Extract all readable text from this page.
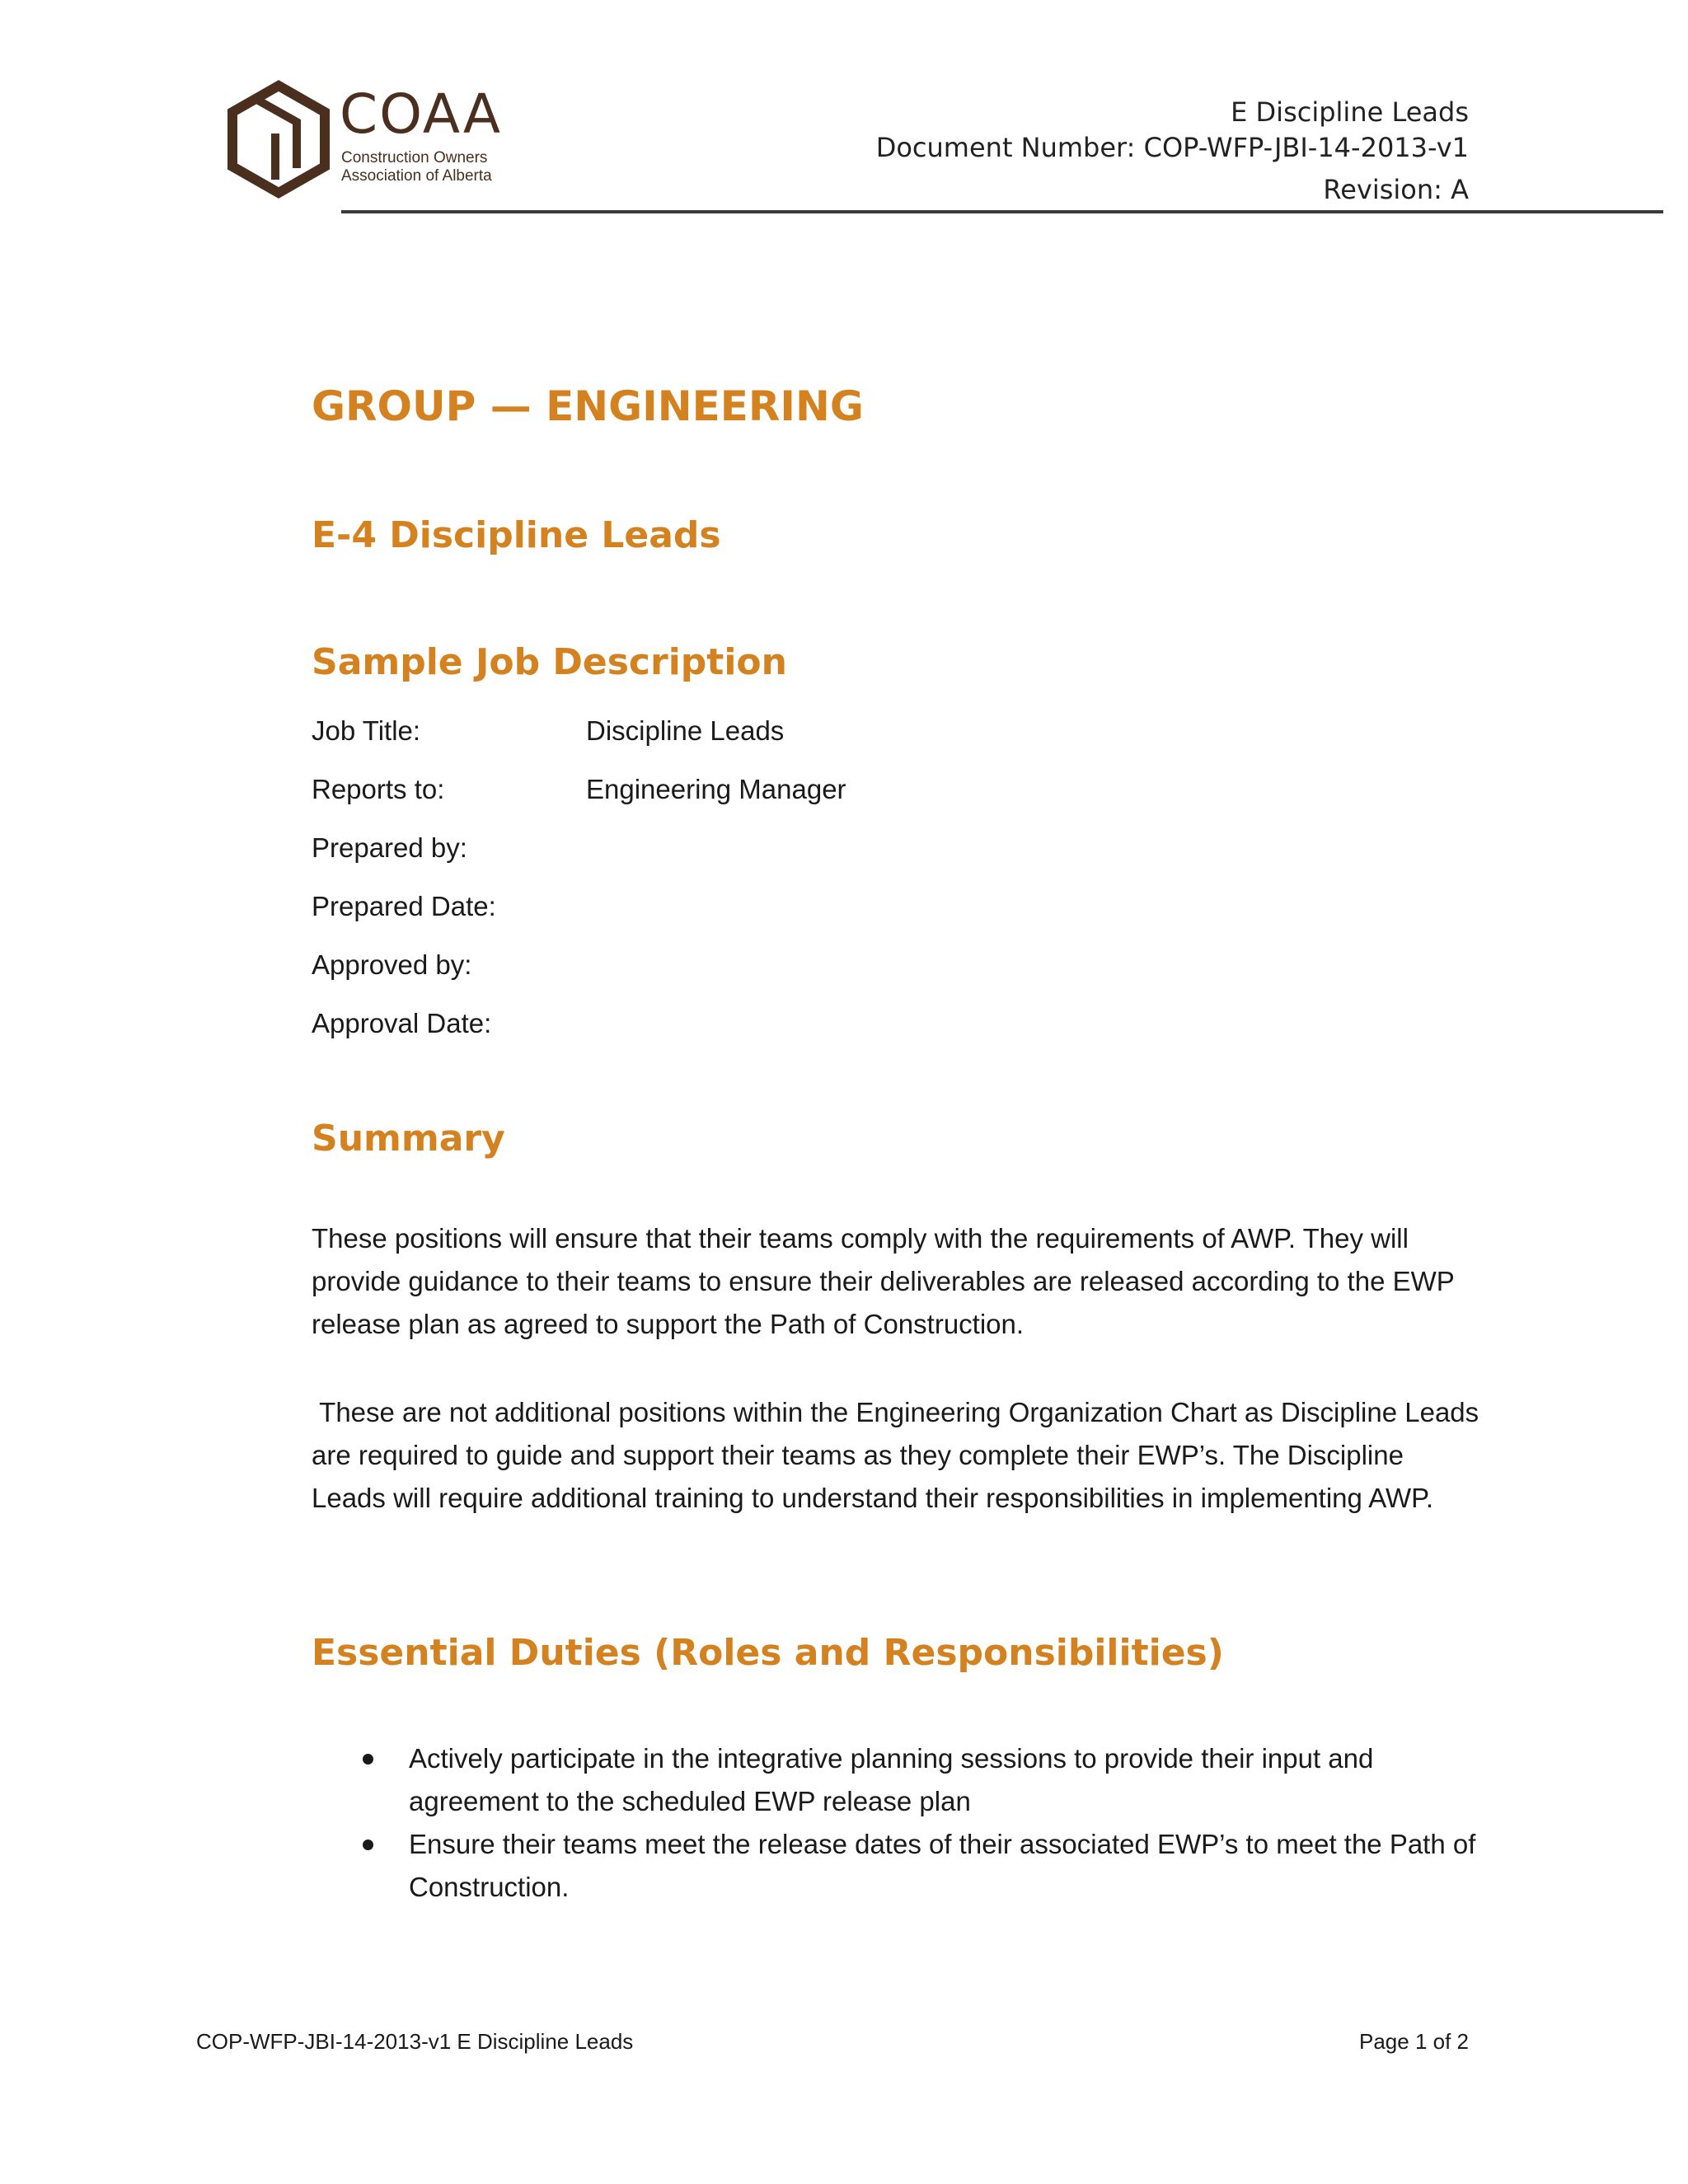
COAA
Construction Owners
Association of Alberta
E Discipline Leads
Document Number: COP-WFP-JBI-14-2013-v1
Revision: A
GROUP — ENGINEERING
E-4 Discipline Leads
Sample Job Description
Job Title:	Discipline Leads
Reports to:	Engineering Manager
Prepared by:
Prepared Date:
Approved by:
Approval Date:
Summary
These positions will ensure that their teams comply with the requirements of AWP. They will provide guidance to their teams to ensure their deliverables are released according to the EWP release plan as agreed to support the Path of Construction.
These are not additional positions within the Engineering Organization Chart as Discipline Leads are required to guide and support their teams as they complete their EWP’s. The Discipline Leads will require additional training to understand their responsibilities in implementing AWP.
Essential Duties (Roles and Responsibilities)
Actively participate in the integrative planning sessions to provide their input and agreement to the scheduled EWP release plan
Ensure their teams meet the release dates of their associated EWP’s to meet the Path of Construction.
COP-WFP-JBI-14-2013-v1 E Discipline Leads	Page 1 of 2
